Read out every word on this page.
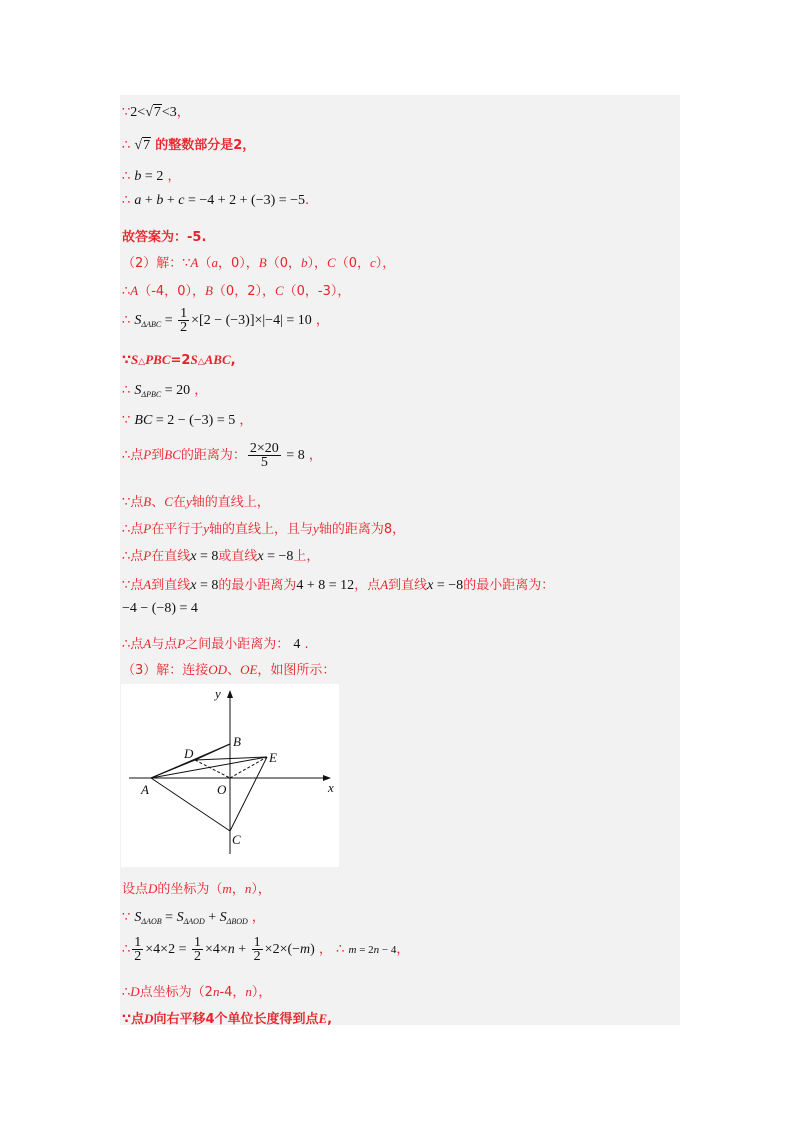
∵2<√7<3，
∴ √7 的整数部分是2，
∴ b = 2 ，
∴ a + b + c = −4 + 2 + (−3) = −5.
故答案为：-5.
（2）解：∵A（a，0），B（0，b），C（0，c），
∴A（-4，0），B（0，2），C（0，-3），
∴ $S_{\Delta ABC} = \frac{1}{2} \times[2 - (-3)]\times|-4| = 10$ ，
∵S△PBC=2S△ABC,
∴ $S_{\Delta PBC} = 20$ ，
∵ BC = 2 − (−3) = 5 ，
∴点P到BC的距离为： $\frac{2\times 20}{5} = 8$ ，
∵点B、C在y轴的直线上，
∴点P在平行于y轴的直线上，且与y轴的距离为8，
∴点P在直线x = 8或直线x = −8上，
∵点A到直线x = 8的最小距离为4 + 8 = 12，点A到直线x = −8的最小距离为：
−4 − (−8) = 4
∴点A与点P之间最小距离为： 4 .
（3）解：连接OD、OE，如图所示：
y
x
B
D	E
A	O
C
设点D的坐标为（m，n），
∵ $S_{\Delta AOB} = S_{\Delta AOD} + S_{\Delta BOD}$ ，
∴ $\frac{1}{2} \times 4\times 2 = \frac{1}{2} \times 4\times n + \frac{1}{2} \times 2\times(-m)$ ， ∴ m = 2n − 4，
∴D点坐标为（2n-4，n），
∵点D向右平移4个单位长度得到点E,
